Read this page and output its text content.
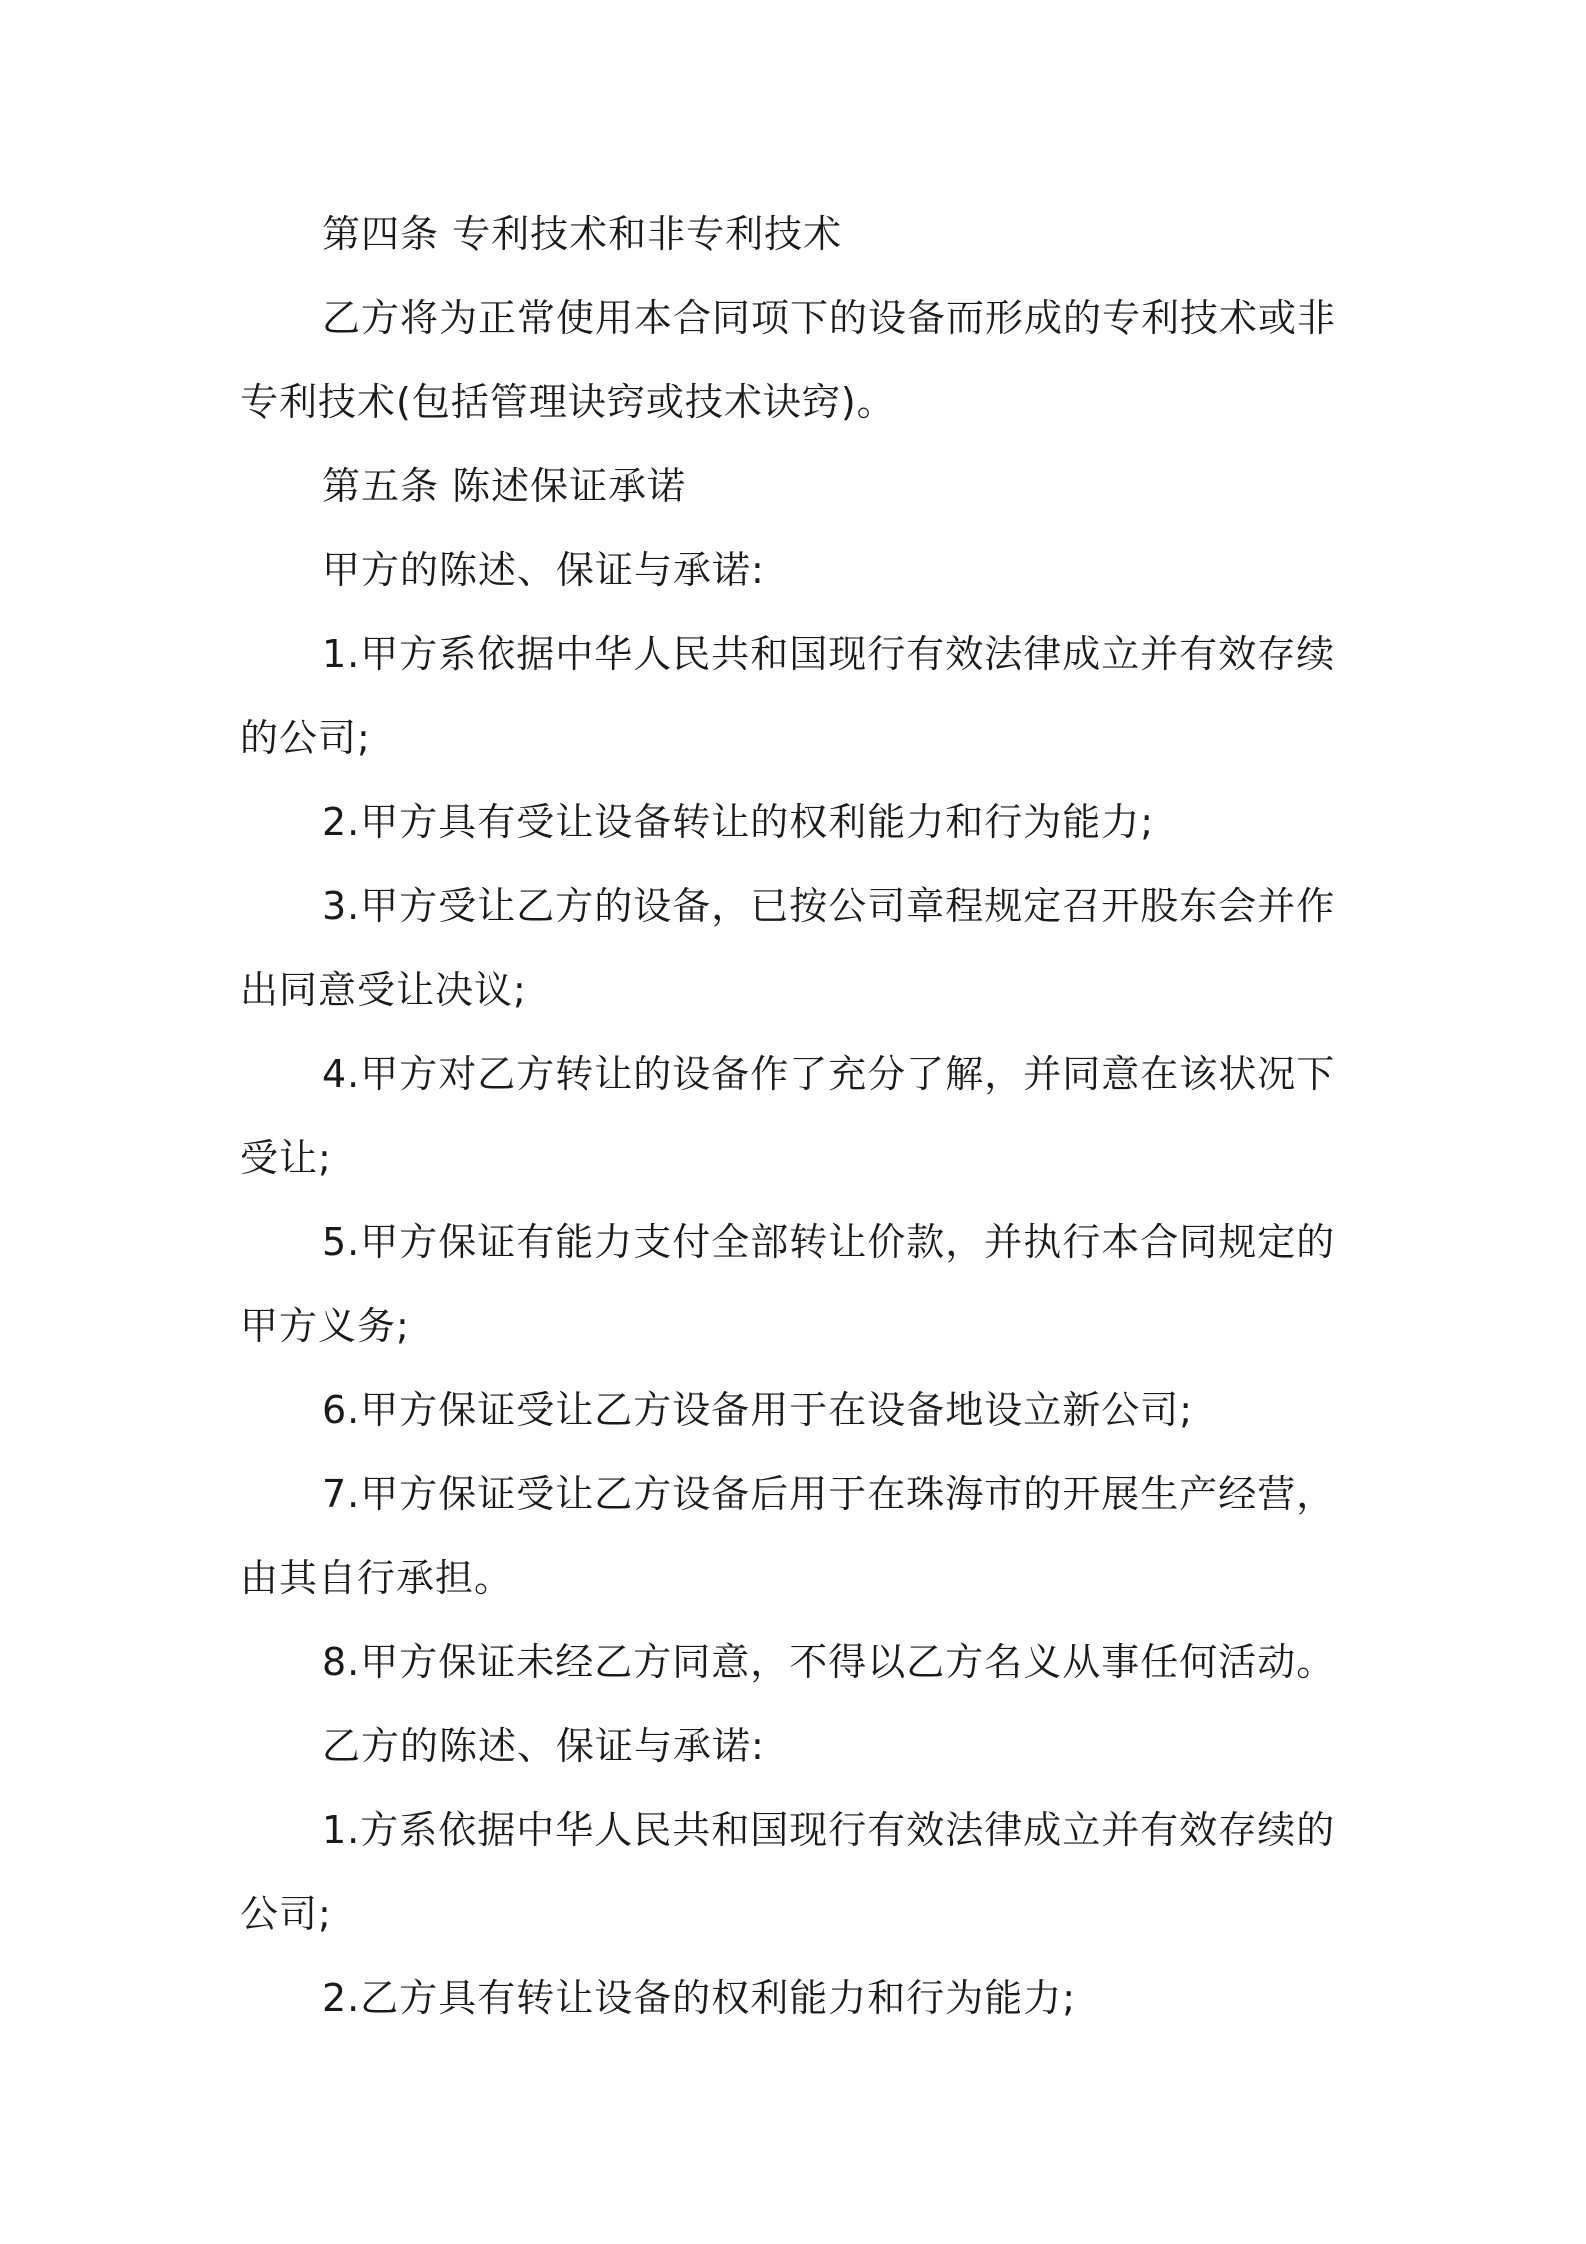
第四条 专利技术和非专利技术

乙方将为正常使用本合同项下的设备而形成的专利技术或非专利技术(包括管理诀窍或技术诀窍)。

第五条 陈述保证承诺

甲方的陈述、保证与承诺:

1.甲方系依据中华人民共和国现行有效法律成立并有效存续的公司;

2.甲方具有受让设备转让的权利能力和行为能力;

3.甲方受让乙方的设备，已按公司章程规定召开股东会并作出同意受让决议;

4.甲方对乙方转让的设备作了充分了解，并同意在该状况下受让;

5.甲方保证有能力支付全部转让价款，并执行本合同规定的甲方义务;

6.甲方保证受让乙方设备用于在设备地设立新公司;

7.甲方保证受让乙方设备后用于在珠海市的开展生产经营，由其自行承担。

8.甲方保证未经乙方同意，不得以乙方名义从事任何活动。

乙方的陈述、保证与承诺:

1.方系依据中华人民共和国现行有效法律成立并有效存续的公司;

2.乙方具有转让设备的权利能力和行为能力;
